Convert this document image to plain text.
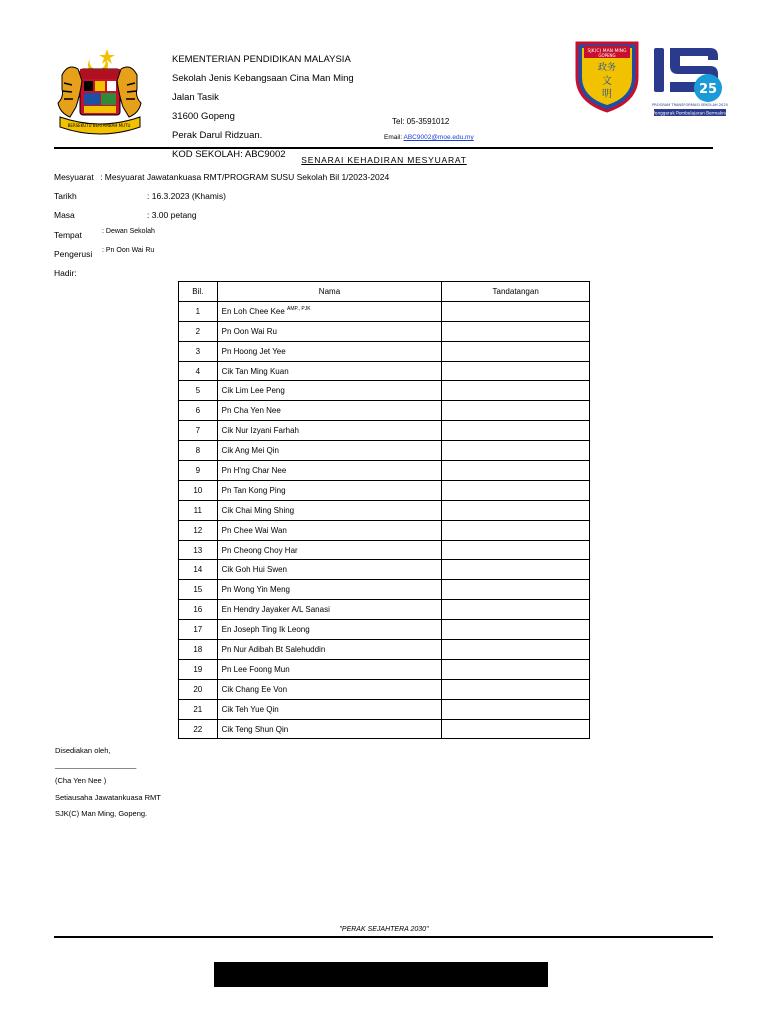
BERSEKUTU BERTAMBAH MUTU
SJK(C) MAN MING
GOPENG
政务
文
明	25
PROGRAM TRANSFORMASI SEKOLAH 2025
Penggerak Pembelajaran Bermakna
KEMENTERIAN PENDIDIKAN MALAYSIA
Sekolah Jenis Kebangsaan Cina Man Ming
Jalan Tasik
31600 Gopeng
Perak Darul Ridzuan.
KOD SEKOLAH: ABC9002
Tel: 05-3591012
Email: ABC9002@moe.edu.my
SENARAI KEHADIRAN MESYUARAT
Mesyuarat : Mesyuarat Jawatankuasa RMT/PROGRAM SUSU Sekolah Bil 1/2023-2024
Tarikh	: 16.3.2023 (Khamis)
Masa	: 3.00 petang
Tempat	: Dewan Sekolah
Pengerusi : Pn Oon Wai Ru
Hadir:
Bil.	Nama	Tandatangan
1	En Loh Chee Kee $^{AMP., PJK}$	
2	Pn Oon Wai Ru	
3	Pn Hoong Jet Yee	
4	Cik Tan Ming Kuan	
5	Cik Lim Lee Peng	
6	Pn Cha Yen Nee	
7	Cik Nur Izyani Farhah	
8	Cik Ang Mei Qin	
9	Pn H'ng Char Nee	
10	Pn Tan Kong Ping	
11	Cik Chai Ming Shing	
12	Pn Chee Wai Wan	
13	Pn Cheong Choy Har	
14	Cik Goh Hui Swen	
15	Pn Wong Yin Meng	
16	En Hendry Jayaker A/L Sanasi	
17	En Joseph Ting Ik Leong	
18	Pn Nur Adibah Bt Salehuddin	
19	Pn Lee Foong Mun	
20	Cik Chang Ee Von	
21	Cik Teh Yue Qin	
22	Cik Teng Shun Qin	
Disediakan oleh,
______________________
(Cha Yen Nee )
Setiausaha Jawatankuasa RMT
SJK(C) Man Ming, Gopeng.
"PERAK SEJAHTERA 2030"
